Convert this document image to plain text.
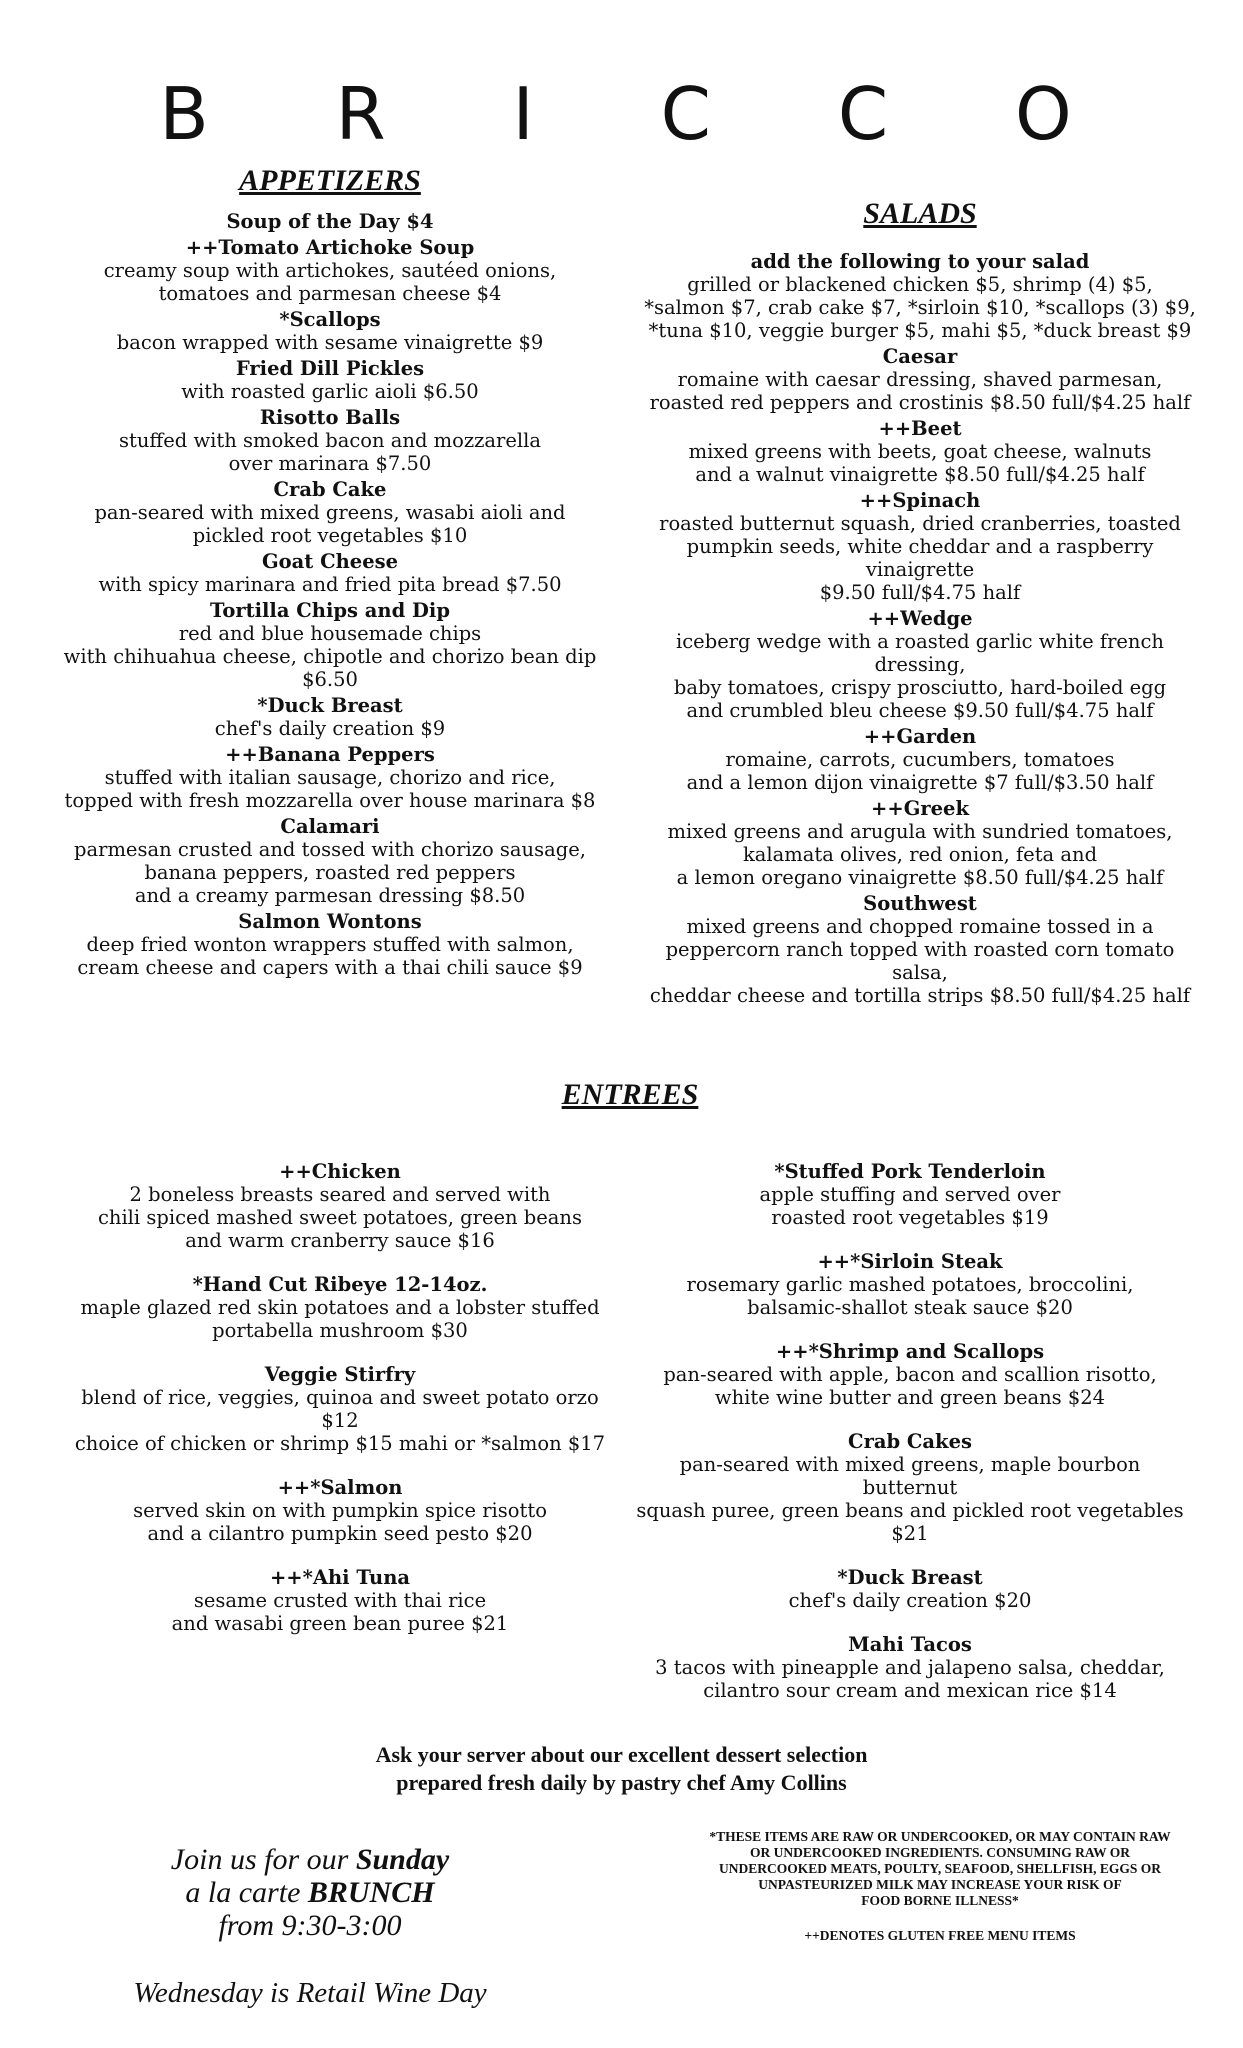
B R I C C O
APPETIZERS
Soup of the Day $4
++Tomato Artichoke Soup
creamy soup with artichokes, sautéed onions,
tomatoes and parmesan cheese $4
*Scallops
bacon wrapped with sesame vinaigrette $9
Fried Dill Pickles
with roasted garlic aioli $6.50
Risotto Balls
stuffed with smoked bacon and mozzarella
over marinara $7.50
Crab Cake
pan-seared with mixed greens, wasabi aioli and
pickled root vegetables $10
Goat Cheese
with spicy marinara and fried pita bread $7.50
Tortilla Chips and Dip
red and blue housemade chips
with chihuahua cheese, chipotle and chorizo bean dip $6.50
*Duck Breast
chef's daily creation $9
++Banana Peppers
stuffed with italian sausage, chorizo and rice,
topped with fresh mozzarella over house marinara $8
Calamari
parmesan crusted and tossed with chorizo sausage,
banana peppers, roasted red peppers
and a creamy parmesan dressing $8.50
Salmon Wontons
deep fried wonton wrappers stuffed with salmon,
cream cheese and capers with a thai chili sauce $9
SALADS
add the following to your salad
grilled or blackened chicken $5, shrimp (4) $5,
*salmon $7, crab cake $7, *sirloin $10, *scallops (3) $9,
*tuna $10, veggie burger $5, mahi $5, *duck breast $9
Caesar
romaine with caesar dressing, shaved parmesan,
roasted red peppers and crostinis $8.50 full/$4.25 half
++Beet
mixed greens with beets, goat cheese, walnuts
and a walnut vinaigrette $8.50 full/$4.25 half
++Spinach
roasted butternut squash, dried cranberries, toasted
pumpkin seeds, white cheddar and a raspberry vinaigrette
$9.50 full/$4.75 half
++Wedge
iceberg wedge with a roasted garlic white french dressing,
baby tomatoes, crispy prosciutto, hard-boiled egg
and crumbled bleu cheese $9.50 full/$4.75 half
++Garden
romaine, carrots, cucumbers, tomatoes
and a lemon dijon vinaigrette $7 full/$3.50 half
++Greek
mixed greens and arugula with sundried tomatoes,
kalamata olives, red onion, feta and
a lemon oregano vinaigrette $8.50 full/$4.25 half
Southwest
mixed greens and chopped romaine tossed in a
peppercorn ranch topped with roasted corn tomato salsa,
cheddar cheese and tortilla strips $8.50 full/$4.25 half
ENTREES
++Chicken
2 boneless breasts seared and served with
chili spiced mashed sweet potatoes, green beans
and warm cranberry sauce $16
*Hand Cut Ribeye 12-14oz.
maple glazed red skin potatoes and a lobster stuffed
portabella mushroom $30
Veggie Stirfry
blend of rice, veggies, quinoa and sweet potato orzo $12
choice of chicken or shrimp $15 mahi or *salmon $17
++*Salmon
served skin on with pumpkin spice risotto
and a cilantro pumpkin seed pesto $20
++*Ahi Tuna
sesame crusted with thai rice
and wasabi green bean puree $21
*Stuffed Pork Tenderloin
apple stuffing and served over
roasted root vegetables $19
++*Sirloin Steak
rosemary garlic mashed potatoes, broccolini,
balsamic-shallot steak sauce $20
++*Shrimp and Scallops
pan-seared with apple, bacon and scallion risotto,
white wine butter and green beans $24
Crab Cakes
pan-seared with mixed greens, maple bourbon butternut
squash puree, green beans and pickled root vegetables $21
*Duck Breast
chef's daily creation $20
Mahi Tacos
3 tacos with pineapple and jalapeno salsa, cheddar,
cilantro sour cream and mexican rice $14
Ask your server about our excellent dessert selection
prepared fresh daily by pastry chef Amy Collins
Join us for our Sunday
a la carte BRUNCH
from 9:30-3:00
Wednesday is Retail Wine Day
*THESE ITEMS ARE RAW OR UNDERCOOKED, OR MAY CONTAIN RAW
OR UNDERCOOKED INGREDIENTS. CONSUMING RAW OR
UNDERCOOKED MEATS, POULTY, SEAFOOD, SHELLFISH, EGGS OR
UNPASTEURIZED MILK MAY INCREASE YOUR RISK OF
FOOD BORNE ILLNESS*
++DENOTES GLUTEN FREE MENU ITEMS
